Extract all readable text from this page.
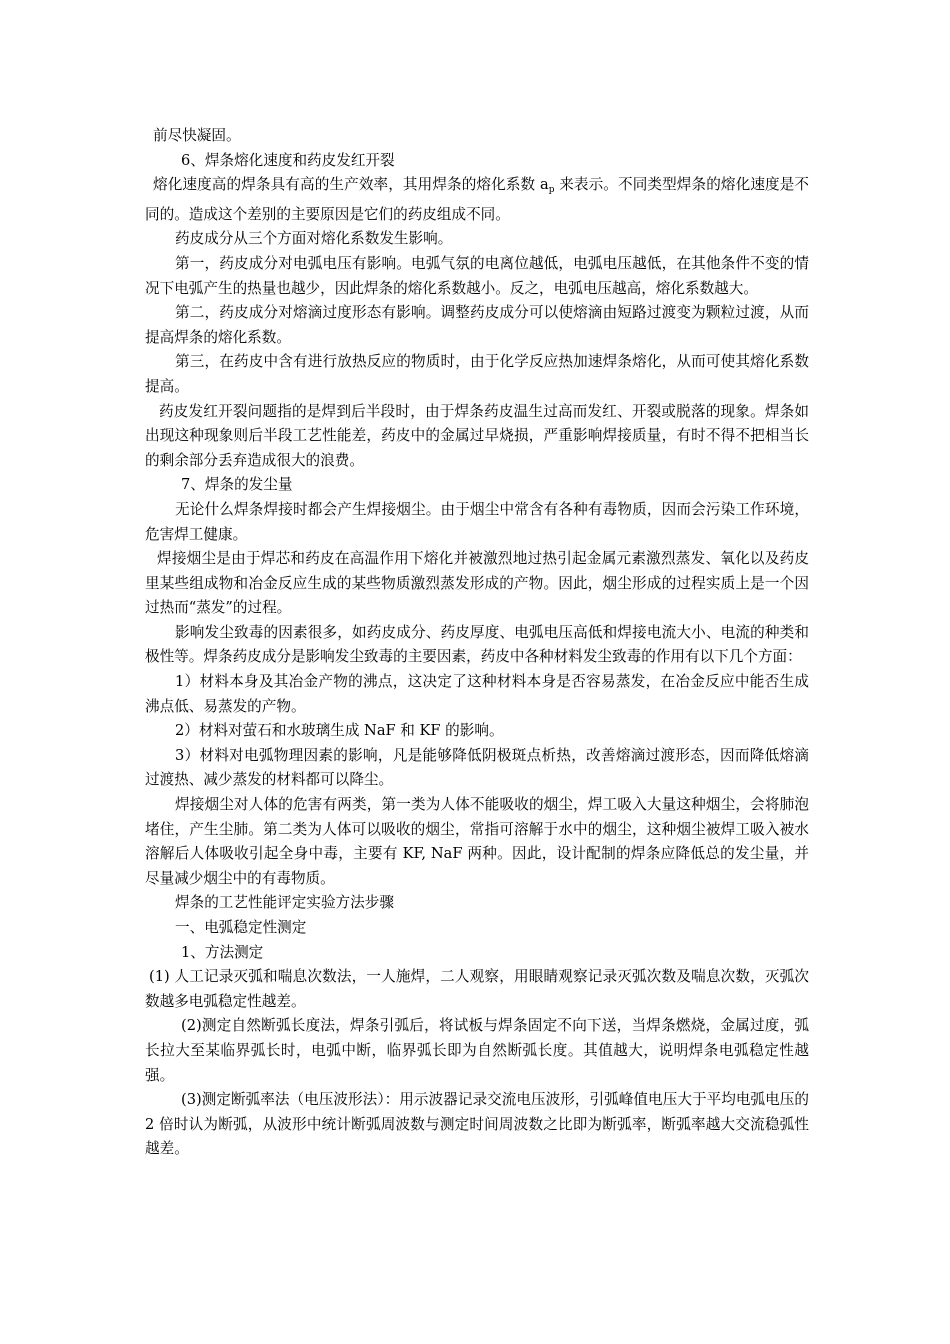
前尽快凝固。

6、焊条熔化速度和药皮发红开裂

熔化速度高的焊条具有高的生产效率，其用焊条的熔化系数 $a_p$ 来表示。不同类型焊条的熔化速度是不同的。造成这个差别的主要原因是它们的药皮组成不同。

药皮成分从三个方面对熔化系数发生影响。

第一，药皮成分对电弧电压有影响。电弧气氛的电离位越低，电弧电压越低，在其他条件不变的情况下电弧产生的热量也越少，因此焊条的熔化系数越小。反之，电弧电压越高，熔化系数越大。

第二，药皮成分对熔滴过度形态有影响。调整药皮成分可以使熔滴由短路过渡变为颗粒过渡，从而提高焊条的熔化系数。

第三，在药皮中含有进行放热反应的物质时，由于化学反应热加速焊条熔化，从而可使其熔化系数提高。

药皮发红开裂问题指的是焊到后半段时，由于焊条药皮温生过高而发红、开裂或脱落的现象。焊条如出现这种现象则后半段工艺性能差，药皮中的金属过早烧损，严重影响焊接质量，有时不得不把相当长的剩余部分丢弃造成很大的浪费。

7、焊条的发尘量

无论什么焊条焊接时都会产生焊接烟尘。由于烟尘中常含有各种有毒物质，因而会污染工作环境，危害焊工健康。

焊接烟尘是由于焊芯和药皮在高温作用下熔化并被激烈地过热引起金属元素激烈蒸发、氧化以及药皮里某些组成物和冶金反应生成的某些物质激烈蒸发形成的产物。因此，烟尘形成的过程实质上是一个因过热而“蒸发”的过程。

影响发尘致毒的因素很多，如药皮成分、药皮厚度、电弧电压高低和焊接电流大小、电流的种类和极性等。焊条药皮成分是影响发尘致毒的主要因素，药皮中各种材料发尘致毒的作用有以下几个方面：

1）材料本身及其冶金产物的沸点，这决定了这种材料本身是否容易蒸发，在冶金反应中能否生成沸点低、易蒸发的产物。

2）材料对萤石和水玻璃生成 NaF 和 KF 的影响。

3）材料对电弧物理因素的影响，凡是能够降低阴极斑点析热，改善熔滴过渡形态，因而降低熔滴过渡热、减少蒸发的材料都可以降尘。

焊接烟尘对人体的危害有两类，第一类为人体不能吸收的烟尘，焊工吸入大量这种烟尘，会将肺泡堵住，产生尘肺。第二类为人体可以吸收的烟尘，常指可溶解于水中的烟尘，这种烟尘被焊工吸入被水溶解后人体吸收引起全身中毒，主要有 KF, NaF 两种。因此，设计配制的焊条应降低总的发尘量，并尽量减少烟尘中的有毒物质。

焊条的工艺性能评定实验方法步骤

一、电弧稳定性测定

1、方法测定

(1) 人工记录灭弧和喘息次数法，一人施焊，二人观察，用眼睛观察记录灭弧次数及喘息次数，灭弧次数越多电弧稳定性越差。

(2)测定自然断弧长度法，焊条引弧后，将试板与焊条固定不向下送，当焊条燃烧，金属过度，弧长拉大至某临界弧长时，电弧中断，临界弧长即为自然断弧长度。其值越大，说明焊条电弧稳定性越强。

(3)测定断弧率法（电压波形法）：用示波器记录交流电压波形，引弧峰值电压大于平均电弧电压的 2 倍时认为断弧，从波形中统计断弧周波数与测定时间周波数之比即为断弧率，断弧率越大交流稳弧性越差。
